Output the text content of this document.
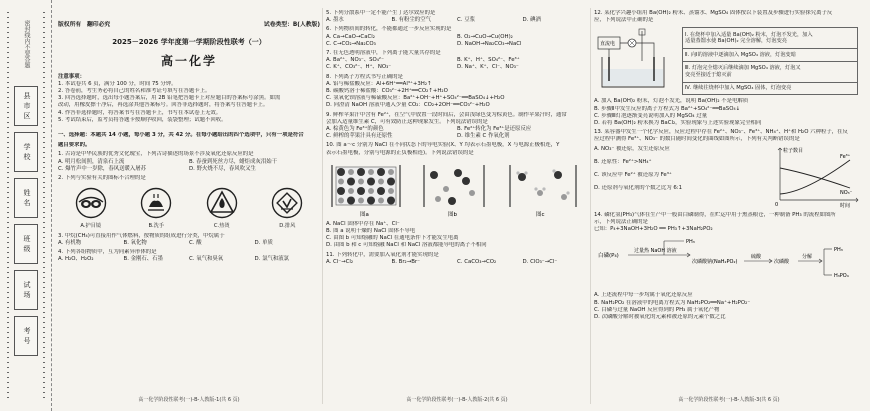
密封线内不要答题
县市区
学校
姓名
班级
试场
考号
版权所有　翻印必究	试卷类型：B(人教版)
2025－2026 学年度第一学期阶段性联考（一）
高一化学
注意事项：
1. 本试卷共 6 页，满分 100 分，时间 75 分钟。
2. 答卷前，考生务必将自己的姓名和准考证号填写在答题卡上。
3. 回答选择题时，选出每小题答案后，用 2B 铅笔把答题卡上对应题目的答案标号涂黑。如需
改动，用橡皮擦干净后，再选涂其他答案标号。回答非选择题时，将答案写在答题卡上。
4. 作答非选择题时，将答案书写在答题卡上，书写在本试卷上无效。
5. 考试结束后，监考员将答题卡按顺序收回，装袋整理；试题不回收。
一、选择题：本题共 14 小题，每小题 3 分，共 42 分。在每小题给出的四个选项中，只有一项是符合
题目要求的。
1. 古诗是中华民族的优秀文化瑰宝，下列古诗描述的场景不涉及氧化还原反应的是
A. 明月松间照，清泉石上流	B. 春蚕到死丝方尽，蜡炬成灰泪始干
C. 爆竹声中一岁除，春风送暖入屠苏	D. 野火烧不尽，春风吹又生
2. 下列与实验有关的图标不合理的是
A.护目镜	B.洗手	C.热烫	D.排风
3. 甲烷(CH₄)可直接用作气体燃料，按物质的组成进行分类，甲烷属于
A. 有机物	B. 氧化物	C. 酸	D. 单质
4. 下列各组物质中，互为同素异形体的是
A. H₂O、H₂O₂	B. 金刚石、石墨	C. 氧气和臭氧	D. 氯气和液氯
高一化学阶段性联考(一)-B-人教版-1(共 6 页)
5. 下列分散系中一定不能产生丁达尔效应的是
A. 墨水	B. 有粉尘的空气	C. 豆浆	D. 碘酒
6. 下列物质间的转化，不能都通过一步反应实现的是
A. Ca→CaO→CaCl₂	B. O₂→CuO→Cu(OH)₂
C. C→CO₂→Na₂CO₃	D. NaOH→Na₂CO₃→NaCl
7. 在无色透明溶液中，下列离子能大量共存的是
A. Ba²⁺、NO₃⁻、SO₄²⁻	B. K⁺、H⁺、SO₄²⁻、Fe³⁺
C. K⁺、CO₃²⁻、H⁺、NO₃⁻	D. Na⁺、K⁺、Cl⁻、NO₃⁻
8. 下列离子方程式书写正确的是
A. 铝与稀盐酸反应：Al+6H⁺══Al³⁺+3H₂↑
B. 碳酸钙溶于稀盐酸：CO₃²⁻+2H⁺══CO₂↑+H₂O
C. 氢氧化钡溶液与稀硫酸反应：Ba²⁺+OH⁻+H⁺+SO₄²⁻══BaSO₄↓+H₂O
D. 向澄清 NaOH 溶液中通入少量 CO₂：CO₂+2OH⁻══CO₃²⁻+H₂O
9. 鲜榨苹果汁中含有 Fe²⁺，在空气中放置一段时间后，会由浅绿色变为棕黄色。制作苹果汁时，通常
会加入适量维生素 C，可有效防止这种现象发生。下列说法错误的是
A. 棕黄色为 Fe³⁺的颜色	B. Fe²⁺转化为 Fe³⁺是还原反应
C. 鲜榨的苹果汁具有还原性	D. 维生素 C 作氧化剂
10. 图 a～c 分别为 NaCl 在不同状态下的导电实验(X、Y 均表示石墨电极，X 与电源正极相连，Y
表示石墨电极，分别与电源的正负极相连)。下列说法错误的是
图a	图b	图c
A. NaCl 固体中存在 Na⁺、Cl⁻
B. 图 a 说明干燥的 NaCl 固体不导电
C. 由图 b 可知熔融的 NaCl 在通电条件下才能发生电离
D. 由图 b 和 c 可知熔融 NaCl 和 NaCl 溶液都能导电的离子不相同
11. 下列转化中，需要加入氧化剂才能实现的是
A. Cl⁻→Cl₂	B. Br₂→Br⁻	C. CaCO₃→CO₂	D. ClO₃⁻→Cl⁻
高一化学阶段性联考(一)-B-人教版-2(共 6 页)
12. 某化学兴趣小组用 Ba(OH)₂ 粉末、蒸馏水、MgSO₄ 固体按以下装置及步骤进行实验探究离子反
应，下列说法中正确的是
直流电
Ⅰ. 在烧杯中加入适量 Ba(OH)₂ 粉末，灯泡不发光，加入
适量蒸馏水使 Ba(OH)₂ 完全溶解，灯泡变亮

Ⅱ. 向Ⅰ的溶液中逐滴加入 MgSO₄ 溶液，灯泡变暗

Ⅲ. 灯泡完全熄灭后继续滴加 MgSO₄ 溶液，灯泡又
变亮至接近于熄灭前

Ⅳ. 继续往烧杯中加入 MgSO₄ 固体，灯泡变亮
A. 加入 Ba(OH)₂ 粉末，灯泡不发光，说明 Ba(OH)₂ 不是电解质
B. 步骤Ⅱ中发生反应的离子方程式为 Ba²⁺+SO₄²⁻══BaSO₄↓
C. 步骤Ⅲ灯泡逐渐变亮说明加入的 MgSO₄ 过量
D. 若将 Ba(OH)₂ 粉末换为 BaCl₂，实验现象与上述实验现象完全相同
13. 某容器中发生一个化学反应，反应过程中存在 Fe²⁺、NO₃⁻、Fe³⁺、NH₄⁺、H⁺和 H₂O 六种粒子，在反
应过程中测得 Fe³⁺、NO₃⁻ 的数目随时间变化的曲线如图所示，下列有关判断错误的是
A. NO₃⁻ 被还原，发生还原反应
B. 还原性：Fe²⁺>NH₄⁺
C. 该反应中 Fe²⁺ 被还原为 Fe³⁺
D. 还原剂与氧化剂的个数之比为 6:1
粒子数目
时间
0
Fe³⁺
NO₃⁻
14. 磷化氢(PH₃)气体在生产中一般由白磷制得，在贮运中用于熏蒸粮仓，一种制备 PH₃ 的流程如图所
示，下列说法正确的是
已知：P₄+3NaOH+3H₂O ══ PH₃↑+3NaH₂PO₂
白磷(P₄)
过量热 NaOH 溶液
PH₃
次磷酸钠(NaH₂PO₂)
硫酸
次磷酸
分解
PH₃
H₃PO₄
A. 上述流程中每一步均属于氧化还原反应
B. NaH₂PO₂ 在溶液中的电离方程式为 NaH₂PO₂══Na⁺+H₂PO₂⁻
C. 白磷与过量 NaOH 反应得到的 PH₃ 属于氧化产物
D. 次磷酸分解时被氧化的元素和被还原的元素个数之比
高一化学阶段性联考(一)-B-人教版-3(共 6 页)
